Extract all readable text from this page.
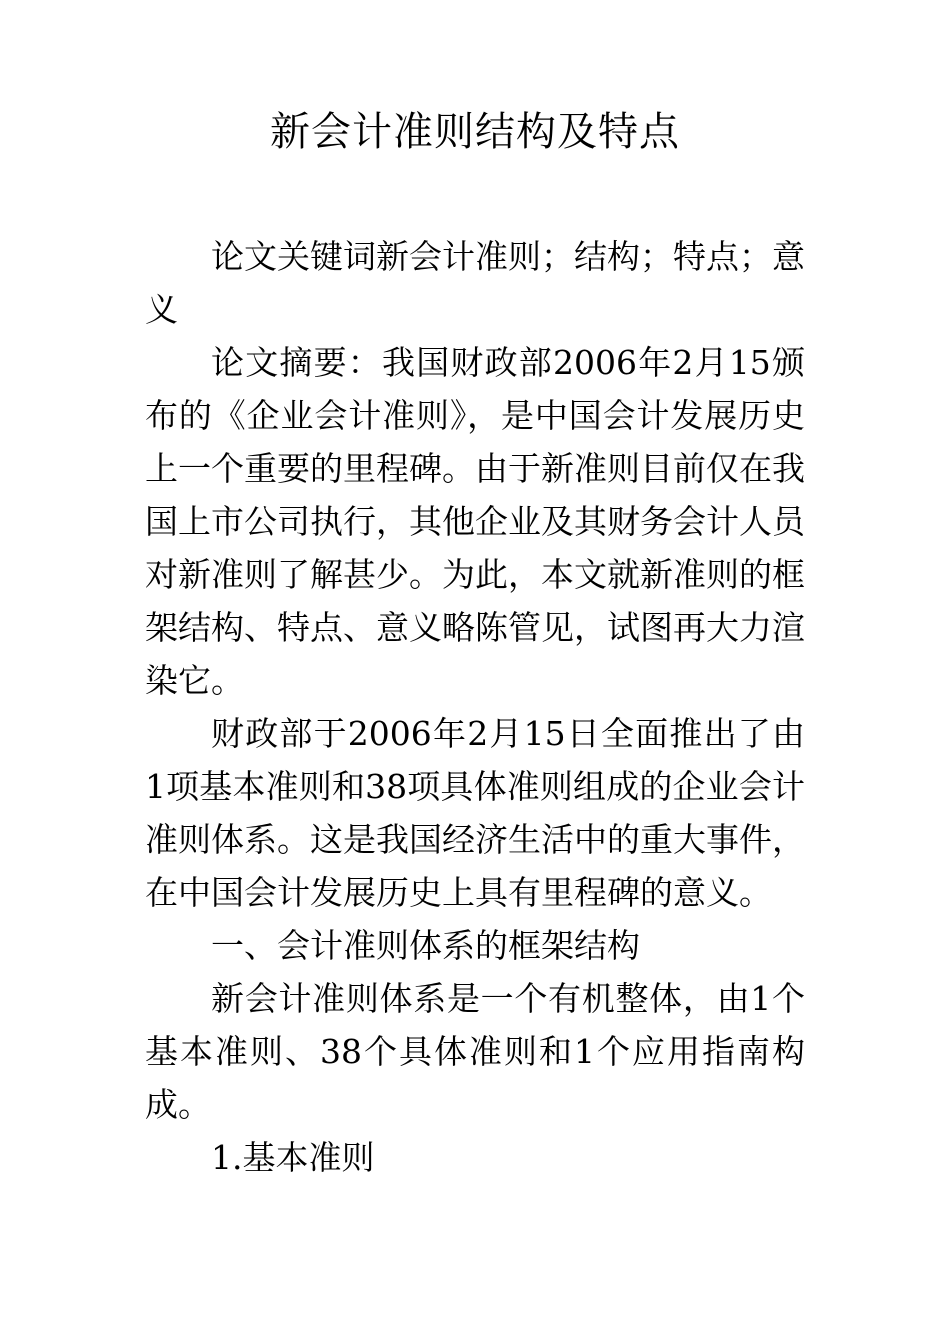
新会计准则结构及特点

论文关键词新会计准则；结构；特点；意义

论文摘要：我国财政部2006年2月15颁布的《企业会计准则》，是中国会计发展历史上一个重要的里程碑。由于新准则目前仅在我国上市公司执行，其他企业及其财务会计人员对新准则了解甚少。为此，本文就新准则的框架结构、特点、意义略陈管见，试图再大力渲染它。

财政部于2006年2月15日全面推出了由1项基本准则和38项具体准则组成的企业会计准则体系。这是我国经济生活中的重大事件，在中国会计发展历史上具有里程碑的意义。

一、会计准则体系的框架结构

新会计准则体系是一个有机整体，由1个基本准则、38个具体准则和1个应用指南构成。

1.基本准则
